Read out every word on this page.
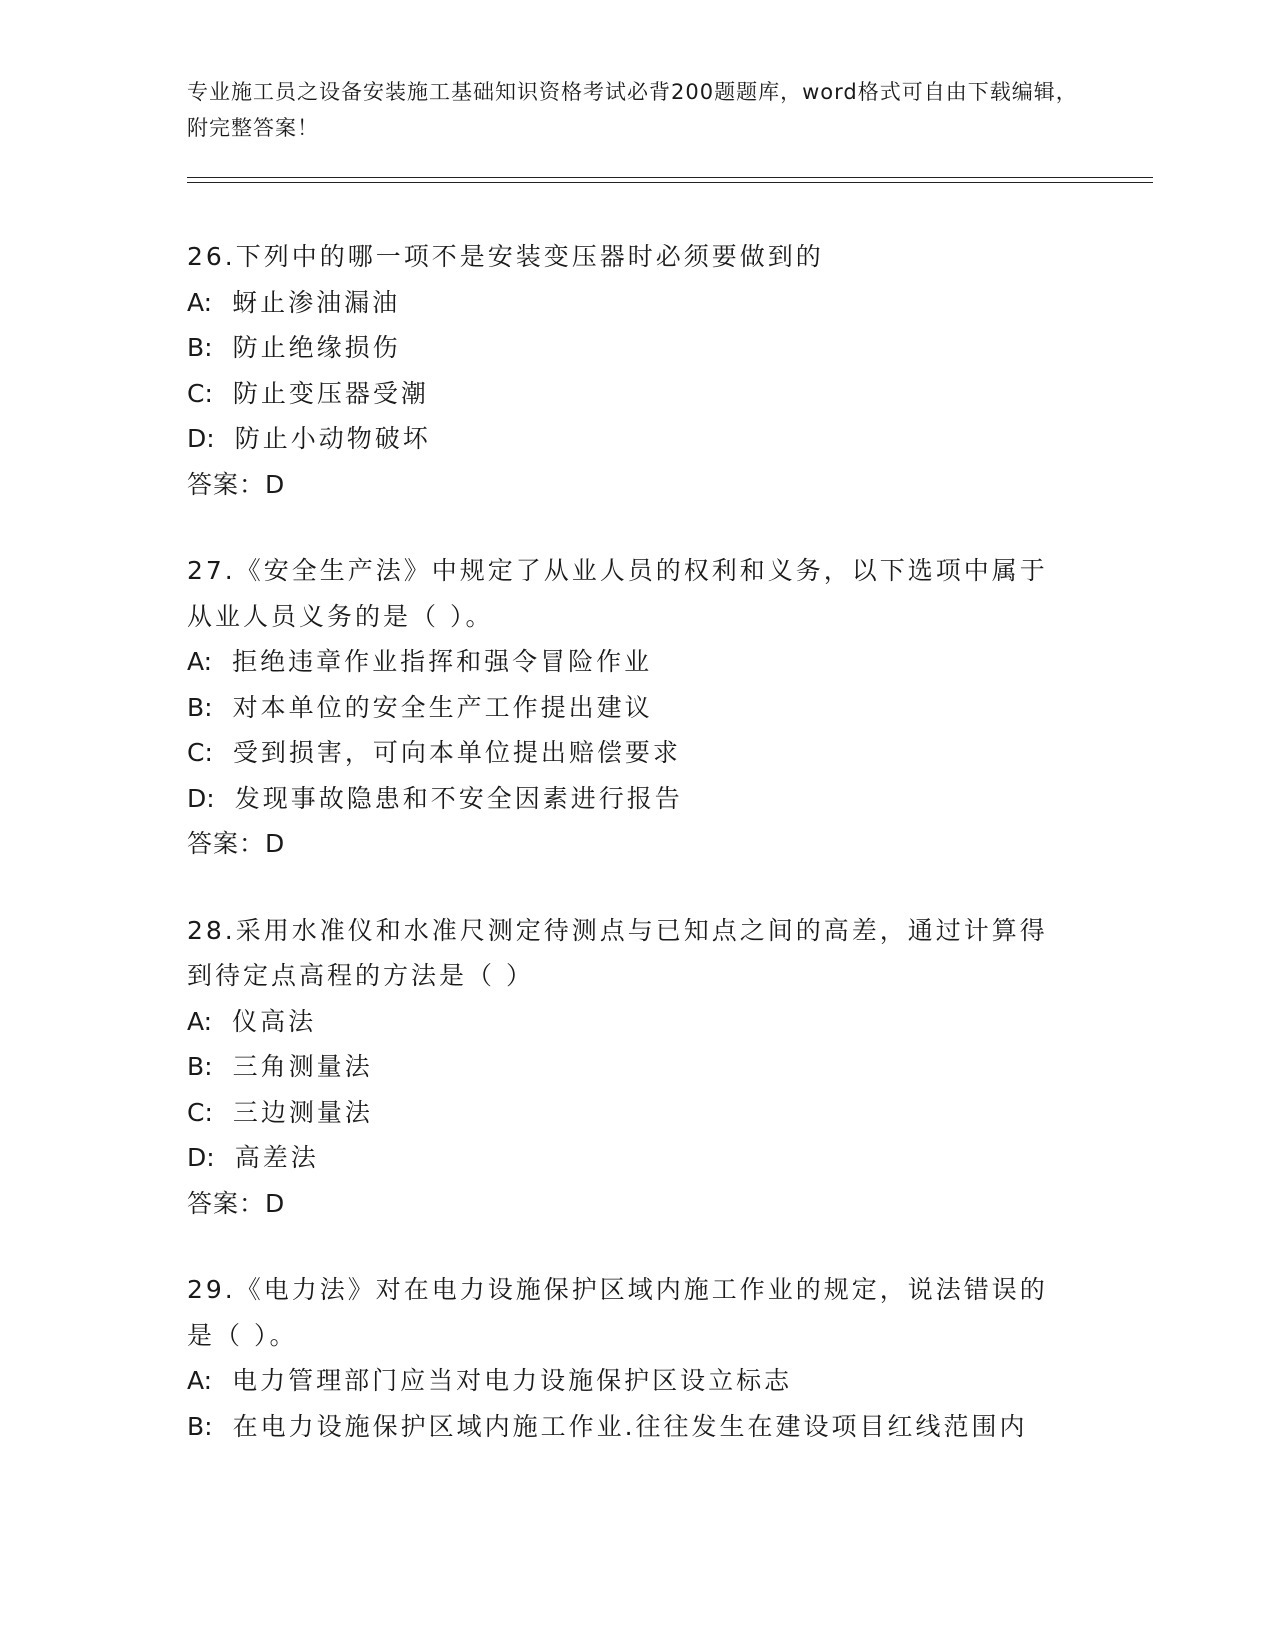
专业施工员之设备安装施工基础知识资格考试必背200题题库，word格式可自由下载编辑，附完整答案！
26.下列中的哪一项不是安装变压器时必须要做到的
A: 蚜止渗油漏油
B: 防止绝缘损伤
C: 防止变压器受潮
D: 防止小动物破坏
答案：D
27.《安全生产法》中规定了从业人员的权利和义务，以下选项中属于从业人员义务的是（ ）。
A: 拒绝违章作业指挥和强令冒险作业
B: 对本单位的安全生产工作提出建议
C: 受到损害，可向本单位提出赔偿要求
D: 发现事故隐患和不安全因素进行报告
答案：D
28.采用水准仪和水准尺测定待测点与已知点之间的高差，通过计算得到待定点高程的方法是（ ）
A: 仪高法
B: 三角测量法
C: 三边测量法
D: 高差法
答案：D
29.《电力法》对在电力设施保护区域内施工作业的规定，说法错误的是（ ）。
A: 电力管理部门应当对电力设施保护区设立标志
B: 在电力设施保护区域内施工作业.往往发生在建设项目红线范围内
